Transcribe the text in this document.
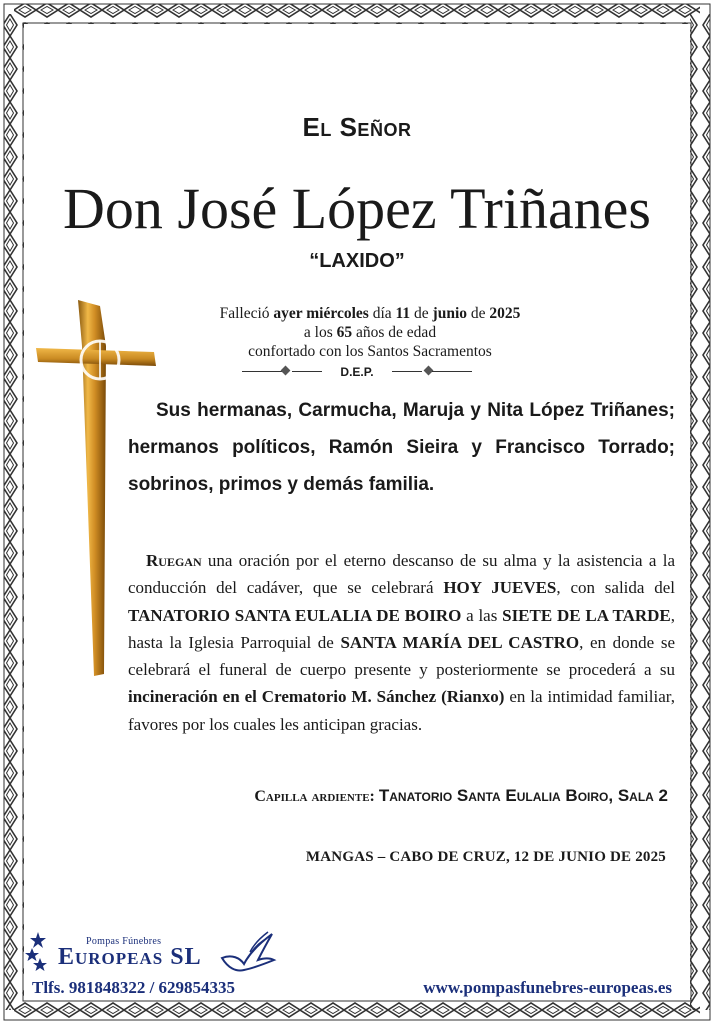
El Señor
Don José López Triñanes
“LAXIDO”
Falleció ayer miércoles día 11 de junio de 2025
a los 65 años de edad
confortado con los Santos Sacramentos
D.E.P.
Sus hermanas, Carmucha, Maruja y Nita López Triñanes; hermanos políticos, Ramón Sieira y Francisco Torrado; sobrinos, primos y demás familia.
Ruegan una oración por el eterno descanso de su alma y la asistencia a la conducción del cadáver, que se celebrará HOY JUEVES, con salida del TANATORIO SANTA EULALIA DE BOIRO a las SIETE DE LA TARDE, hasta la Iglesia Parroquial de SANTA MARÍA DEL CASTRO, en donde se celebrará el funeral de cuerpo presente y posteriormente se procederá a su incineración en el Crematorio M. Sánchez (Rianxo) en la intimidad familiar, favores por los cuales les anticipan gracias.
Capilla ardiente: Tanatorio Santa Eulalia Boiro, Sala 2
MANGAS – CABO DE CRUZ, 12 DE JUNIO DE 2025
Pompas Fúnebres
Europeas SL
Tlfs. 981848322 / 629854335	www.pompasfunebres-europeas.es
